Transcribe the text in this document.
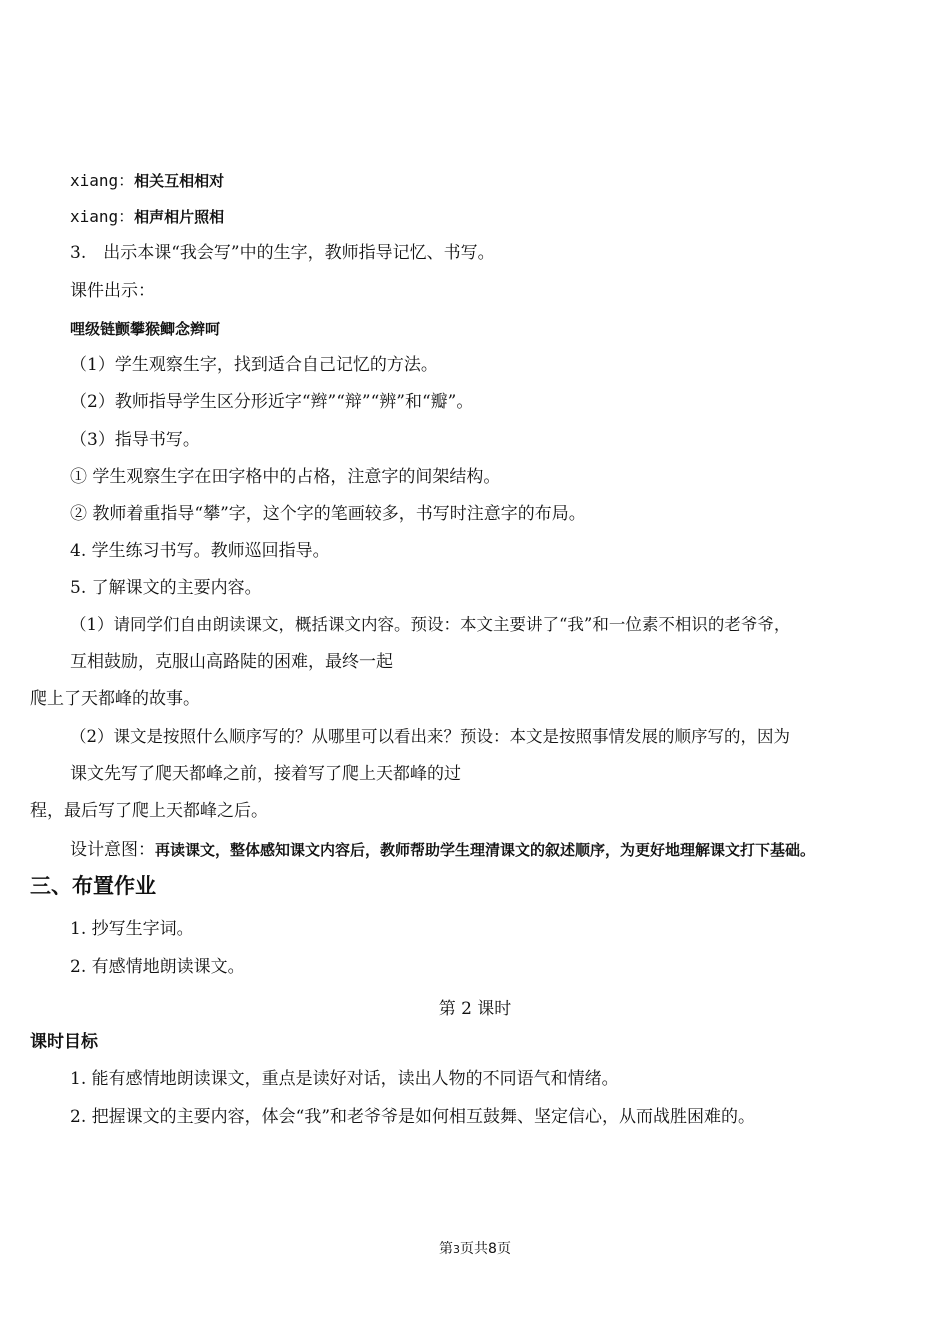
xiang：相关互相相对
xiang：相声相片照相
3.　出示本课“我会写”中的生字，教师指导记忆、书写。
课件出示：
哩级链颤攀猴鲫念辫呵
（1）学生观察生字，找到适合自己记忆的方法。
（2）教师指导学生区分形近字“辫”“辩”“辨”和“瓣”。
（3）指导书写。
① 学生观察生字在田字格中的占格，注意字的间架结构。
② 教师着重指导“攀”字，这个字的笔画较多，书写时注意字的布局。
4. 学生练习书写。教师巡回指导。
5. 了解课文的主要内容。
（1）请同学们自由朗读课文，概括课文内容。预设：本文主要讲了“我”和一位素不相识的老爷爷，
互相鼓励，克服山高路陡的困难，最终一起
爬上了天都峰的故事。
（2）课文是按照什么顺序写的？从哪里可以看出来？预设：本文是按照事情发展的顺序写的，因为
课文先写了爬天都峰之前，接着写了爬上天都峰的过
程，最后写了爬上天都峰之后。
设计意图：再读课文，整体感知课文内容后，教师帮助学生理清课文的叙述顺序，为更好地理解课文打下基础。
三、布置作业
1. 抄写生字词。
2. 有感情地朗读课文。
第 2 课时
课时目标
1. 能有感情地朗读课文，重点是读好对话，读出人物的不同语气和情绪。
2. 把握课文的主要内容，体会“我”和老爷爷是如何相互鼓舞、坚定信心，从而战胜困难的。
第3页共8页
